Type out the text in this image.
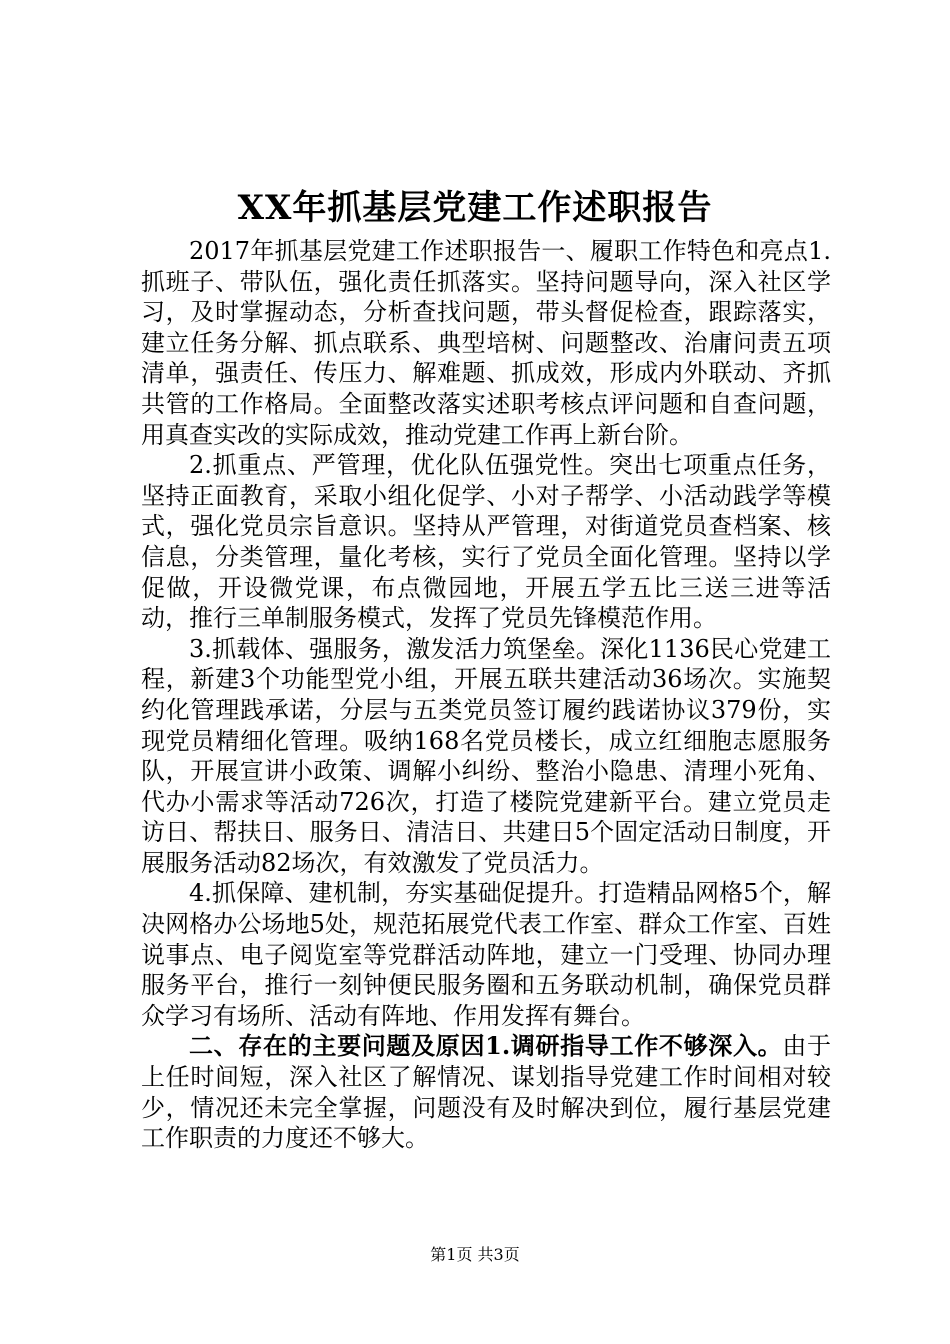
XX年抓基层党建工作述职报告

2017年抓基层党建工作述职报告一、履职工作特色和亮点1.抓班子、带队伍，强化责任抓落实。坚持问题导向，深入社区学习，及时掌握动态，分析查找问题，带头督促检查，跟踪落实，建立任务分解、抓点联系、典型培树、问题整改、治庸问责五项清单，强责任、传压力、解难题、抓成效，形成内外联动、齐抓共管的工作格局。全面整改落实述职考核点评问题和自查问题，用真查实改的实际成效，推动党建工作再上新台阶。

2.抓重点、严管理，优化队伍强党性。突出七项重点任务，坚持正面教育，采取小组化促学、小对子帮学、小活动践学等模式，强化党员宗旨意识。坚持从严管理，对街道党员查档案、核信息，分类管理，量化考核，实行了党员全面化管理。坚持以学促做，开设微党课，布点微园地，开展五学五比三送三进等活动，推行三单制服务模式，发挥了党员先锋模范作用。

3.抓载体、强服务，激发活力筑堡垒。深化1136民心党建工程，新建3个功能型党小组，开展五联共建活动36场次。实施契约化管理践承诺，分层与五类党员签订履约践诺协议379份，实现党员精细化管理。吸纳168名党员楼长，成立红细胞志愿服务队，开展宣讲小政策、调解小纠纷、整治小隐患、清理小死角、代办小需求等活动726次，打造了楼院党建新平台。建立党员走访日、帮扶日、服务日、清洁日、共建日5个固定活动日制度，开展服务活动82场次，有效激发了党员活力。

4.抓保障、建机制，夯实基础促提升。打造精品网格5个，解决网格办公场地5处，规范拓展党代表工作室、群众工作室、百姓说事点、电子阅览室等党群活动阵地，建立一门受理、协同办理服务平台，推行一刻钟便民服务圈和五务联动机制，确保党员群众学习有场所、活动有阵地、作用发挥有舞台。

二、存在的主要问题及原因1.调研指导工作不够深入。由于上任时间短，深入社区了解情况、谋划指导党建工作时间相对较少，情况还未完全掌握，问题没有及时解决到位，履行基层党建工作职责的力度还不够大。

第1页 共3页
